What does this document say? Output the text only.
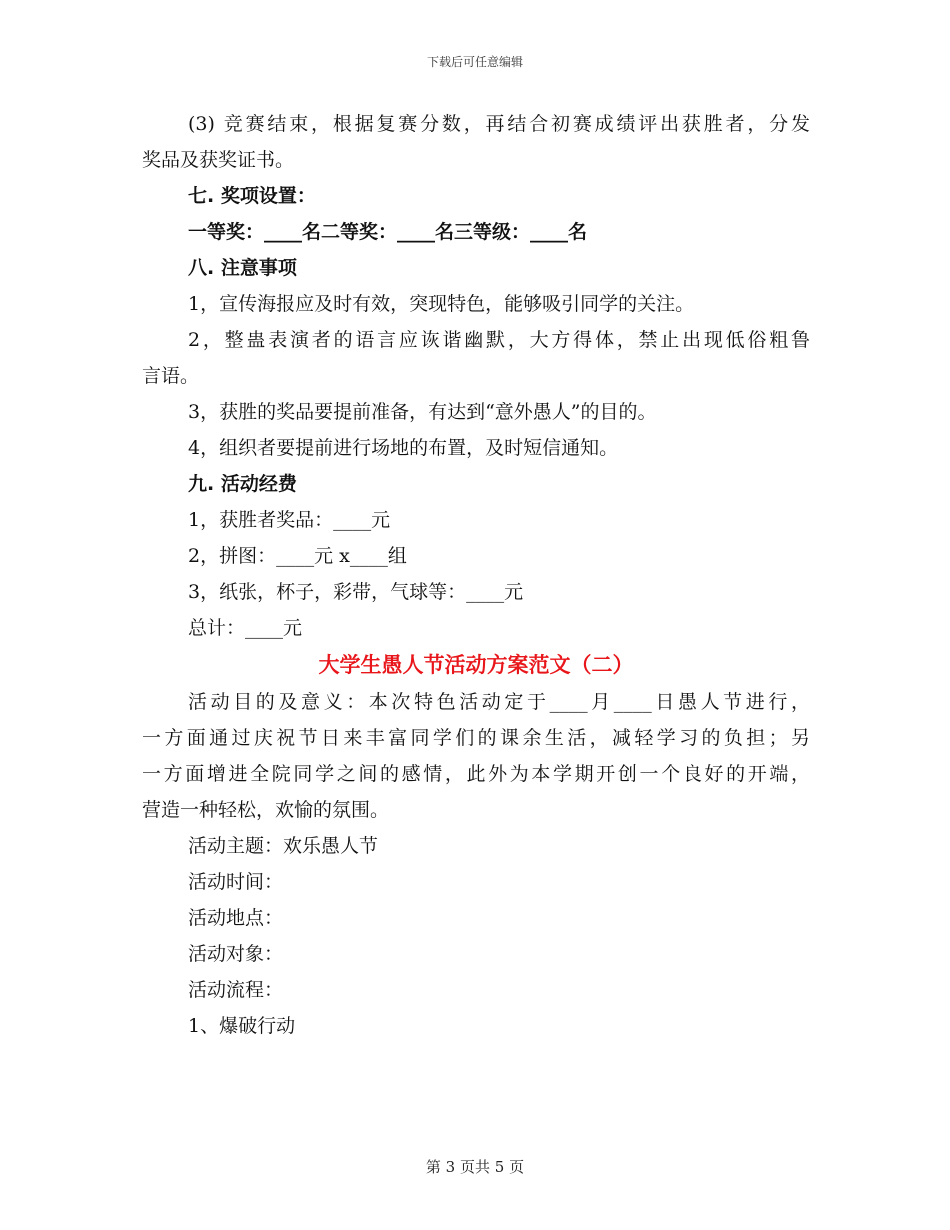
下载后可任意编辑
(3) 竞赛结束，根据复赛分数，再结合初赛成绩评出获胜者，分发
奖品及获奖证书。
七. 奖项设置：
一等奖：____名二等奖：____名三等级：____名
八. 注意事项
1，宣传海报应及时有效，突现特色，能够吸引同学的关注。
2，整蛊表演者的语言应诙谐幽默，大方得体，禁止出现低俗粗鲁
言语。
3，获胜的奖品要提前准备，有达到“意外愚人”的目的。
4，组织者要提前进行场地的布置，及时短信通知。
九. 活动经费
1，获胜者奖品：____元
2，拼图：____元 x____组
3，纸张，杯子，彩带，气球等：____元
总计：____元
大学生愚人节活动方案范文（二）
活动目的及意义：本次特色活动定于____月____日愚人节进行，
一方面通过庆祝节日来丰富同学们的课余生活，减轻学习的负担；另
一方面增进全院同学之间的感情，此外为本学期开创一个良好的开端，
营造一种轻松，欢愉的氛围。
活动主题：欢乐愚人节
活动时间：
活动地点：
活动对象：
活动流程：
1、爆破行动
第 3 页共 5 页
